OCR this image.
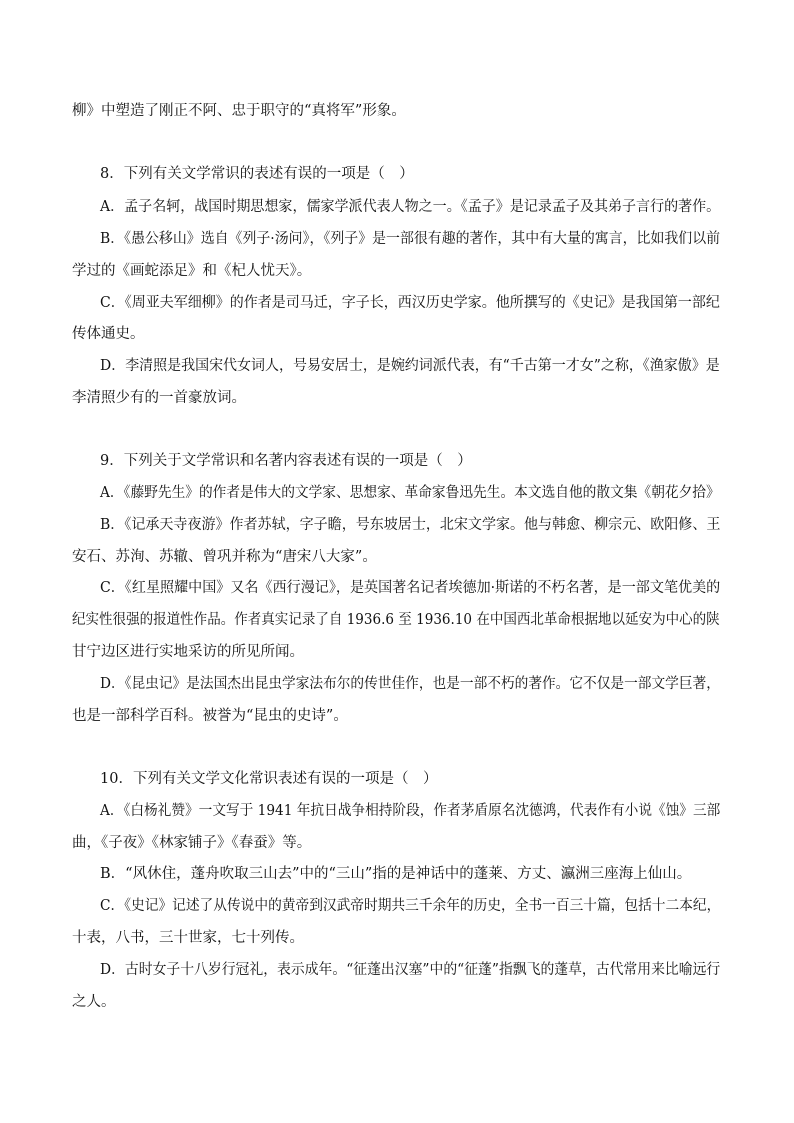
柳》中塑造了刚正不阿、忠于职守的“真将军”形象。
8．下列有关文学常识的表述有误的一项是（　）
A．孟子名轲，战国时期思想家，儒家学派代表人物之一。《孟子》是记录孟子及其弟子言行的著作。
B．《愚公移山》选自《列子·汤问》，《列子》是一部很有趣的著作，其中有大量的寓言，比如我们以前
学过的《画蛇添足》和《杞人忧天》。
C．《周亚夫军细柳》的作者是司马迁，字子长，西汉历史学家。他所撰写的《史记》是我国第一部纪
传体通史。
D．李清照是我国宋代女词人，号易安居士，是婉约词派代表，有“千古第一才女”之称，《渔家傲》是
李清照少有的一首豪放词。
9．下列关于文学常识和名著内容表述有误的一项是（　）
A．《藤野先生》的作者是伟大的文学家、思想家、革命家鲁迅先生。本文选自他的散文集《朝花夕拾》
B．《记承天寺夜游》作者苏轼，字子瞻，号东坡居士，北宋文学家。他与韩愈、柳宗元、欧阳修、王
安石、苏洵、苏辙、曾巩并称为“唐宋八大家”。
C．《红星照耀中国》又名《西行漫记》，是英国著名记者埃德加·斯诺的不朽名著，是一部文笔优美的
纪实性很强的报道性作品。作者真实记录了自 1936.6 至 1936.10 在中国西北革命根据地以延安为中心的陕
甘宁边区进行实地采访的所见所闻。
D．《昆虫记》是法国杰出昆虫学家法布尔的传世佳作，也是一部不朽的著作。它不仅是一部文学巨著，
也是一部科学百科。被誉为“昆虫的史诗”。
10．下列有关文学文化常识表述有误的一项是（　）
A．《白杨礼赞》一文写于 1941 年抗日战争相持阶段，作者茅盾原名沈德鸿，代表作有小说《蚀》三部
曲，《子夜》《林家铺子》《春蚕》等。
B．“风休住，蓬舟吹取三山去”中的“三山”指的是神话中的蓬莱、方丈、瀛洲三座海上仙山。
C．《史记》记述了从传说中的黄帝到汉武帝时期共三千余年的历史，全书一百三十篇，包括十二本纪，
十表，八书，三十世家，七十列传。
D．古时女子十八岁行冠礼，表示成年。“征蓬出汉塞”中的“征蓬”指飘飞的蓬草，古代常用来比喻远行
之人。
